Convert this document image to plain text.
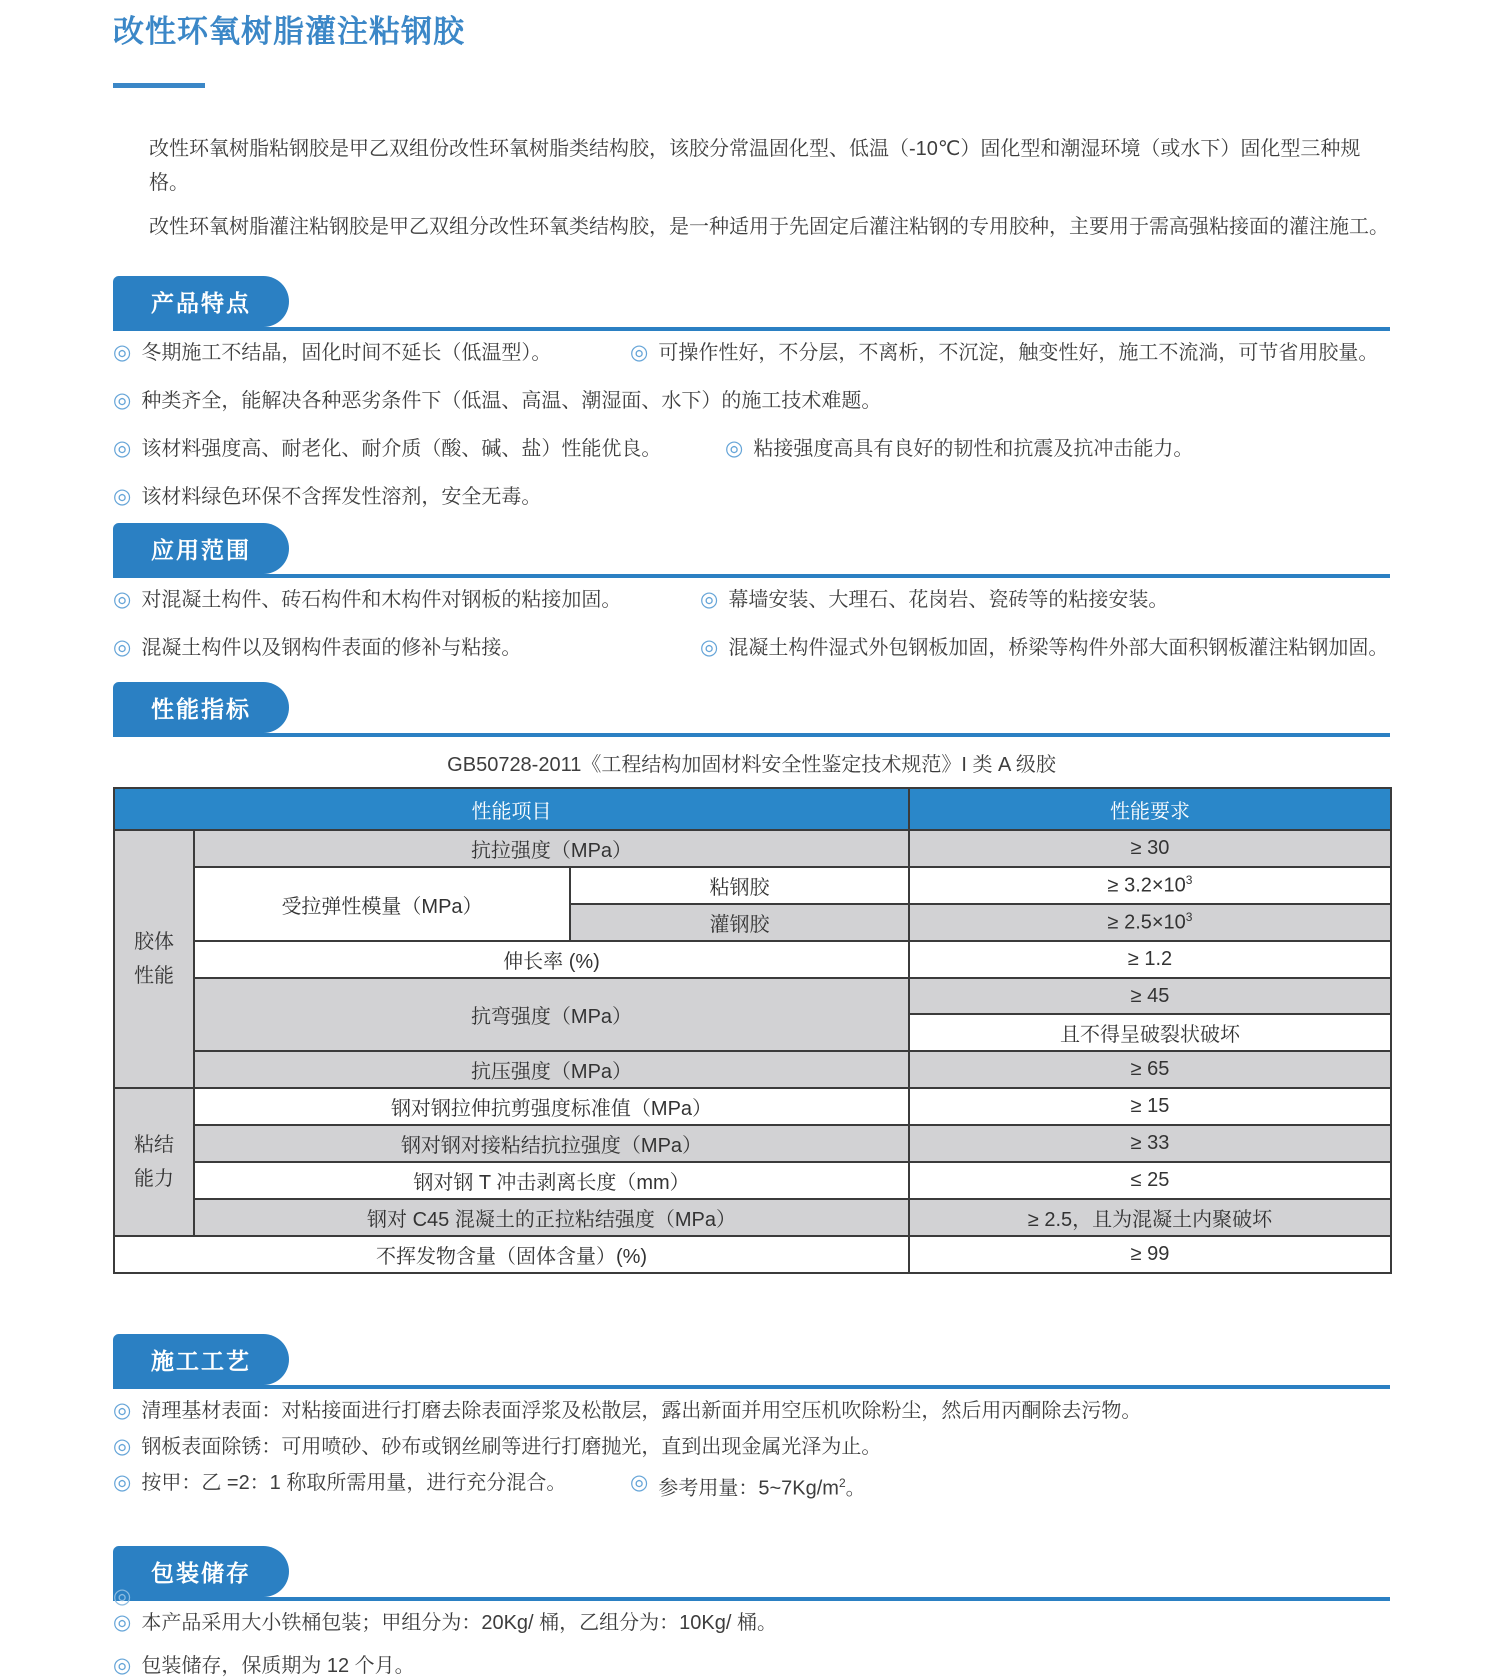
改性环氧树脂灌注粘钢胶

改性环氧树脂粘钢胶是甲乙双组份改性环氧树脂类结构胶，该胶分常温固化型、低温（-10℃）固化型和潮湿环境（或水下）固化型三种规格。

改性环氧树脂灌注粘钢胶是甲乙双组分改性环氧类结构胶，是一种适用于先固定后灌注粘钢的专用胶种，主要用于需高强粘接面的灌注施工。

产品特点
◎ 冬期施工不结晶，固化时间不延长（低温型）。	◎ 可操作性好，不分层，不离析，不沉淀，触变性好，施工不流淌，可节省用胶量。
◎ 种类齐全，能解决各种恶劣条件下（低温、高温、潮湿面、水下）的施工技术难题。
◎ 该材料强度高、耐老化、耐介质（酸、碱、盐）性能优良。	◎ 粘接强度高具有良好的韧性和抗震及抗冲击能力。
◎ 该材料绿色环保不含挥发性溶剂，安全无毒。
应用范围
◎ 对混凝土构件、砖石构件和木构件对钢板的粘接加固。	◎ 幕墙安装、大理石、花岗岩、瓷砖等的粘接安装。
◎ 混凝土构件以及钢构件表面的修补与粘接。	◎ 混凝土构件湿式外包钢板加固，桥梁等构件外部大面积钢板灌注粘钢加固。
性能指标
GB50728-2011《工程结构加固材料安全性鉴定技术规范》I 类 A 级胶
性能项目			性能要求
胶体性能	抗拉强度（MPa）		≥ 30
	受拉弹性模量（MPa）	粘钢胶	≥ $3.2\times 10^3$
		灌钢胶	≥ $2.5\times 10^3$
	伸长率 (%)		≥ 1.2
	抗弯强度（MPa）		≥ 45
			且不得呈破裂状破坏
	抗压强度（MPa）		≥ 65
粘结能力	钢对钢拉伸抗剪强度标准值（MPa）		≥ 15
	钢对钢对接粘结抗拉强度（MPa）		≥ 33
	钢对钢 T 冲击剥离长度（mm）		≤ 25
	钢对 C45 混凝土的正拉粘结强度（MPa）		≥ 2.5，且为混凝土内聚破坏
不挥发物含量（固体含量）(%)			≥ 99
施工工艺
◎ 清理基材表面：对粘接面进行打磨去除表面浮浆及松散层，露出新面并用空压机吹除粉尘，然后用丙酮除去污物。
◎ 钢板表面除锈：可用喷砂、砂布或钢丝刷等进行打磨抛光，直到出现金属光泽为止。
◎ 按甲：乙 =2：1 称取所需用量，进行充分混合。	◎ 参考用量：$5\sim 7Kg/m^2$。
包装储存
◎ 本产品采用大小铁桶包装；甲组分为：20Kg/ 桶，乙组分为：10Kg/ 桶。
◎ 包装储存，保质期为 12 个月。
◎
